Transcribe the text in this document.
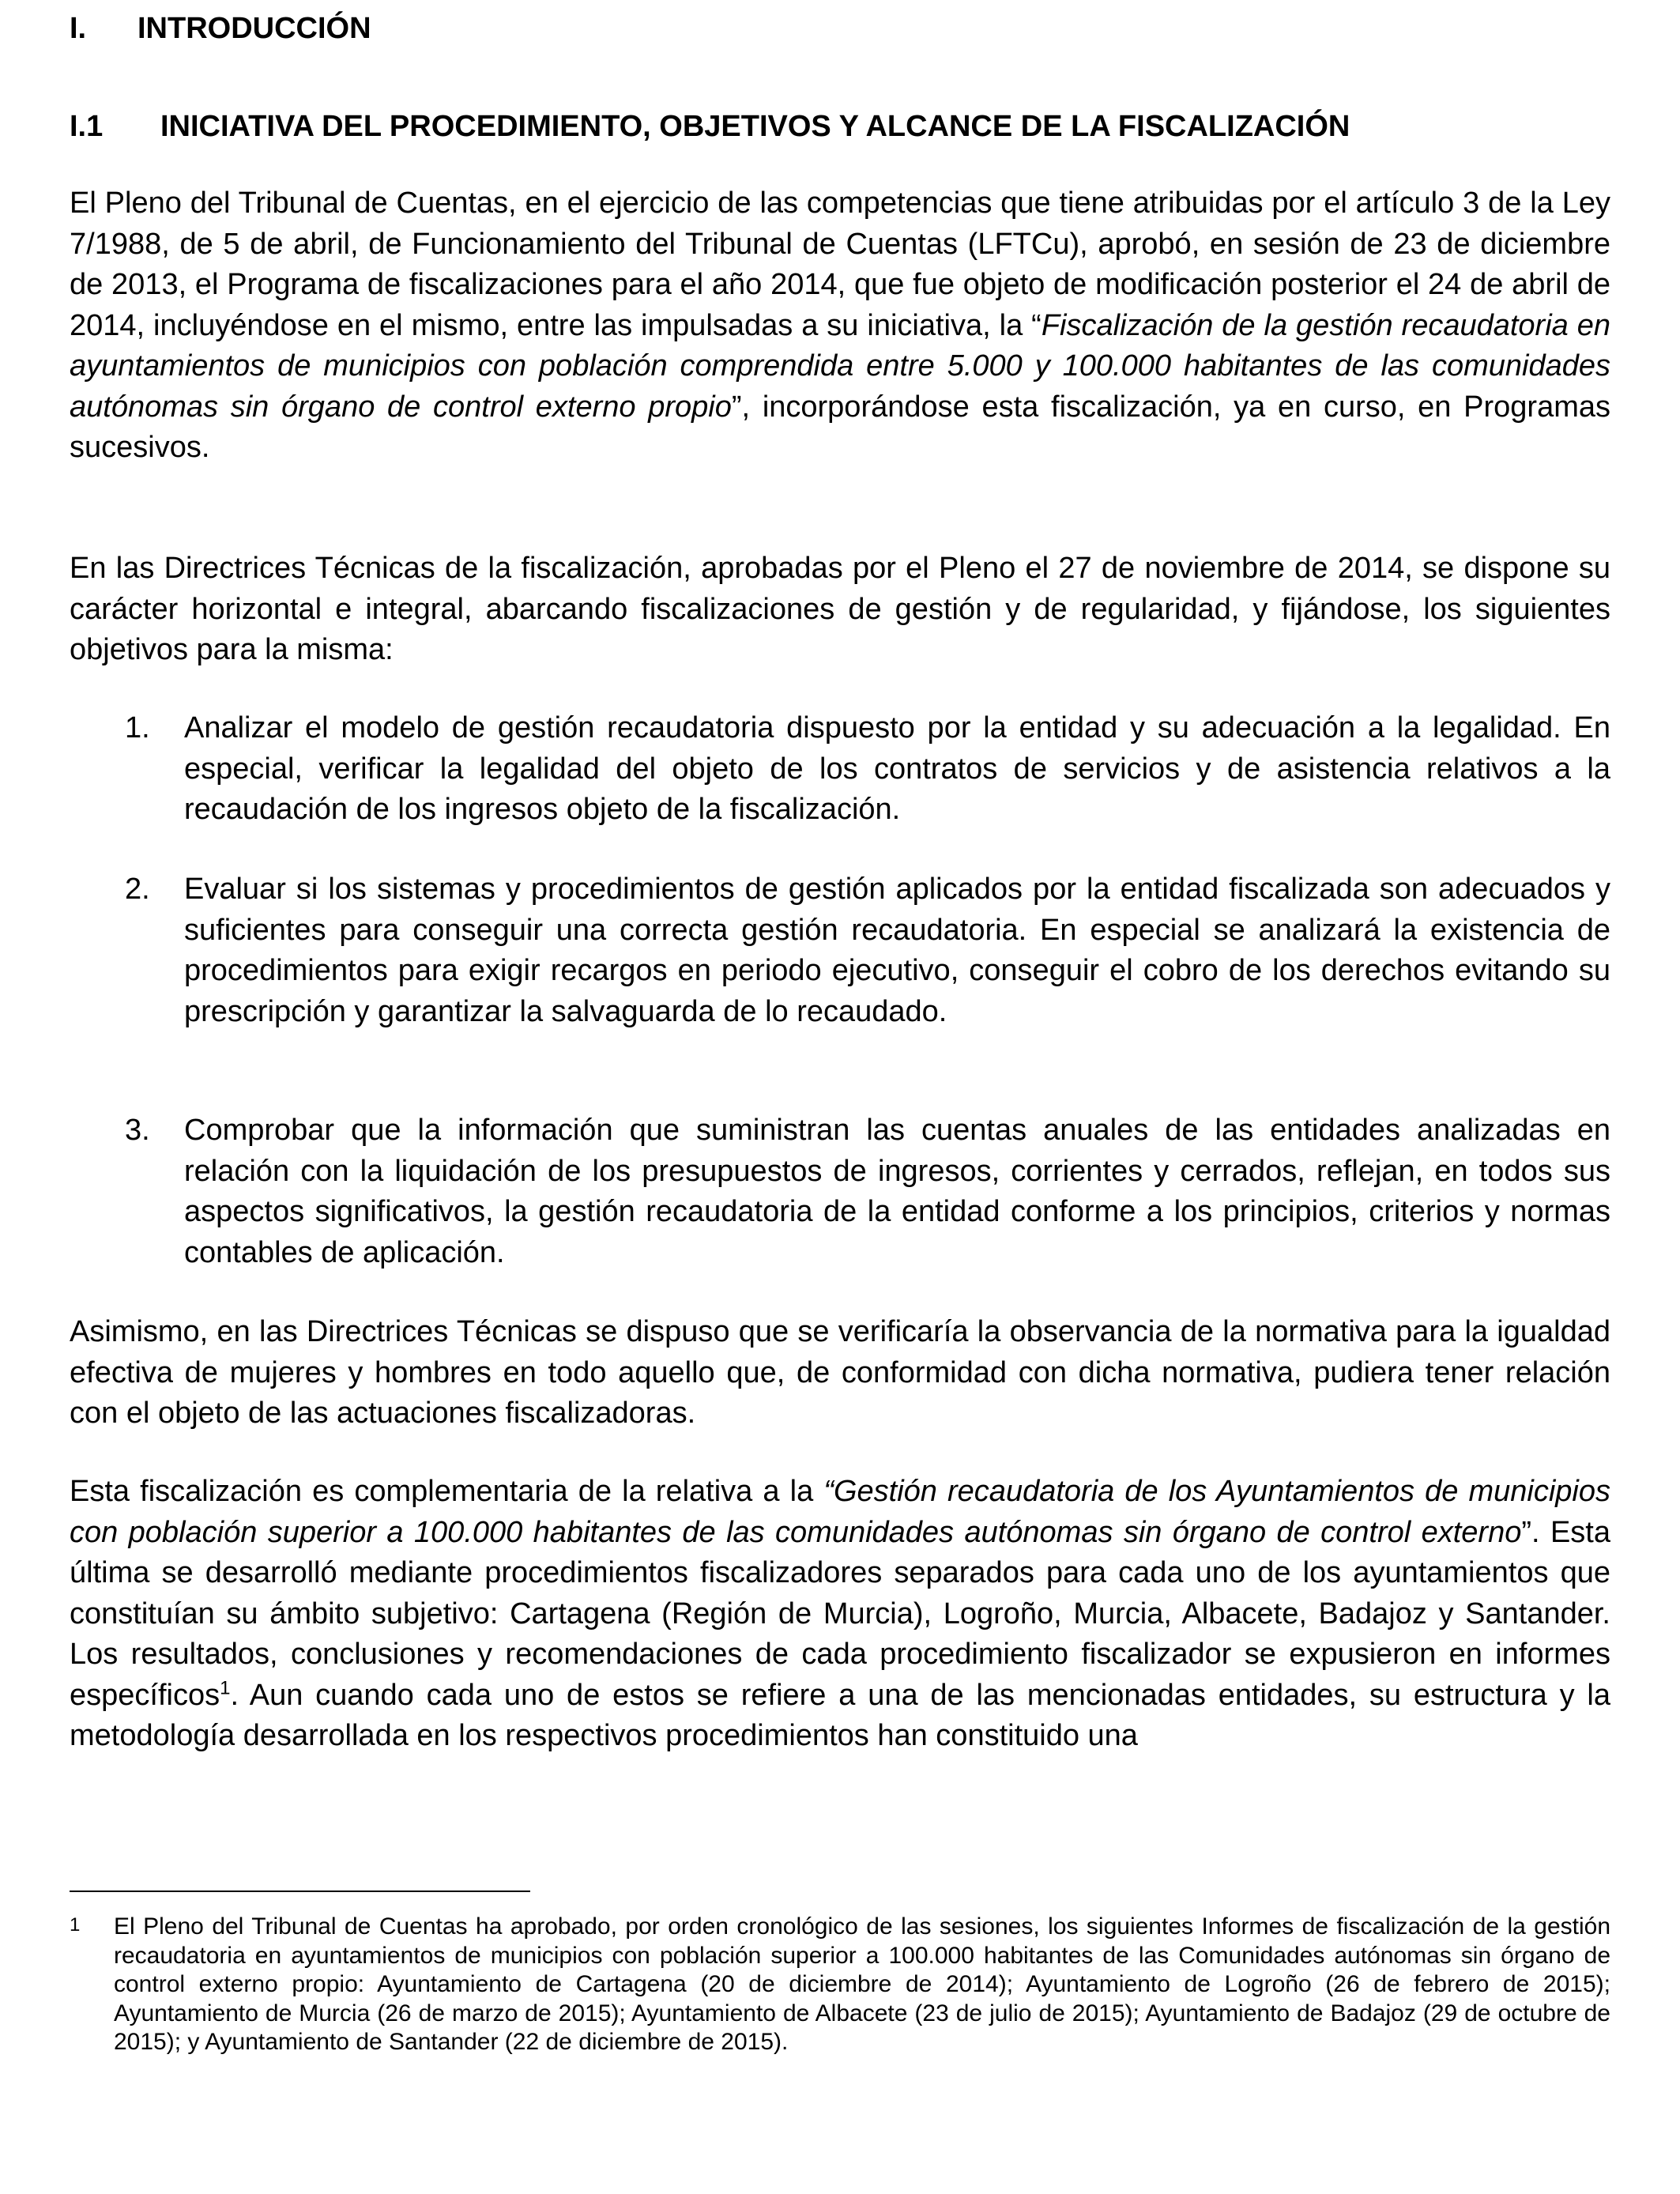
I. INTRODUCCIÓN
I.1 INICIATIVA DEL PROCEDIMIENTO, OBJETIVOS Y ALCANCE DE LA FISCALIZACIÓN

El Pleno del Tribunal de Cuentas, en el ejercicio de las competencias que tiene atribuidas por el artículo 3 de la Ley 7/1988, de 5 de abril, de Funcionamiento del Tribunal de Cuentas (LFTCu), aprobó, en sesión de 23 de diciembre de 2013, el Programa de fiscalizaciones para el año 2014, que fue objeto de modificación posterior el 24 de abril de 2014, incluyéndose en el mismo, entre las impulsadas a su iniciativa, la “Fiscalización de la gestión recaudatoria en ayuntamientos de municipios con población comprendida entre 5.000 y 100.000 habitantes de las comunidades autónomas sin órgano de control externo propio”, incorporándose esta fiscalización, ya en curso, en Programas sucesivos.

En las Directrices Técnicas de la fiscalización, aprobadas por el Pleno el 27 de noviembre de 2014, se dispone su carácter horizontal e integral, abarcando fiscalizaciones de gestión y de regularidad, y fijándose, los siguientes objetivos para la misma:

1. Analizar el modelo de gestión recaudatoria dispuesto por la entidad y su adecuación a la legalidad. En especial, verificar la legalidad del objeto de los contratos de servicios y de asistencia relativos a la recaudación de los ingresos objeto de la fiscalización.
2. Evaluar si los sistemas y procedimientos de gestión aplicados por la entidad fiscalizada son adecuados y suficientes para conseguir una correcta gestión recaudatoria. En especial se analizará la existencia de procedimientos para exigir recargos en periodo ejecutivo, conseguir el cobro de los derechos evitando su prescripción y garantizar la salvaguarda de lo recaudado.
3. Comprobar que la información que suministran las cuentas anuales de las entidades analizadas en relación con la liquidación de los presupuestos de ingresos, corrientes y cerrados, reflejan, en todos sus aspectos significativos, la gestión recaudatoria de la entidad conforme a los principios, criterios y normas contables de aplicación.

Asimismo, en las Directrices Técnicas se dispuso que se verificaría la observancia de la normativa para la igualdad efectiva de mujeres y hombres en todo aquello que, de conformidad con dicha normativa, pudiera tener relación con el objeto de las actuaciones fiscalizadoras.

Esta fiscalización es complementaria de la relativa a la “Gestión recaudatoria de los Ayuntamientos de municipios con población superior a 100.000 habitantes de las comunidades autónomas sin órgano de control externo”. Esta última se desarrolló mediante procedimientos fiscalizadores separados para cada uno de los ayuntamientos que constituían su ámbito subjetivo: Cartagena (Región de Murcia), Logroño, Murcia, Albacete, Badajoz y Santander. Los resultados, conclusiones y recomendaciones de cada procedimiento fiscalizador se expusieron en informes específicos$^1$. Aun cuando cada uno de estos se refiere a una de las mencionadas entidades, su estructura y la metodología desarrollada en los respectivos procedimientos han constituido una

1 El Pleno del Tribunal de Cuentas ha aprobado, por orden cronológico de las sesiones, los siguientes Informes de fiscalización de la gestión recaudatoria en ayuntamientos de municipios con población superior a 100.000 habitantes de las Comunidades autónomas sin órgano de control externo propio: Ayuntamiento de Cartagena (20 de diciembre de 2014); Ayuntamiento de Logroño (26 de febrero de 2015); Ayuntamiento de Murcia (26 de marzo de 2015); Ayuntamiento de Albacete (23 de julio de 2015); Ayuntamiento de Badajoz (29 de octubre de 2015); y Ayuntamiento de Santander (22 de diciembre de 2015).
